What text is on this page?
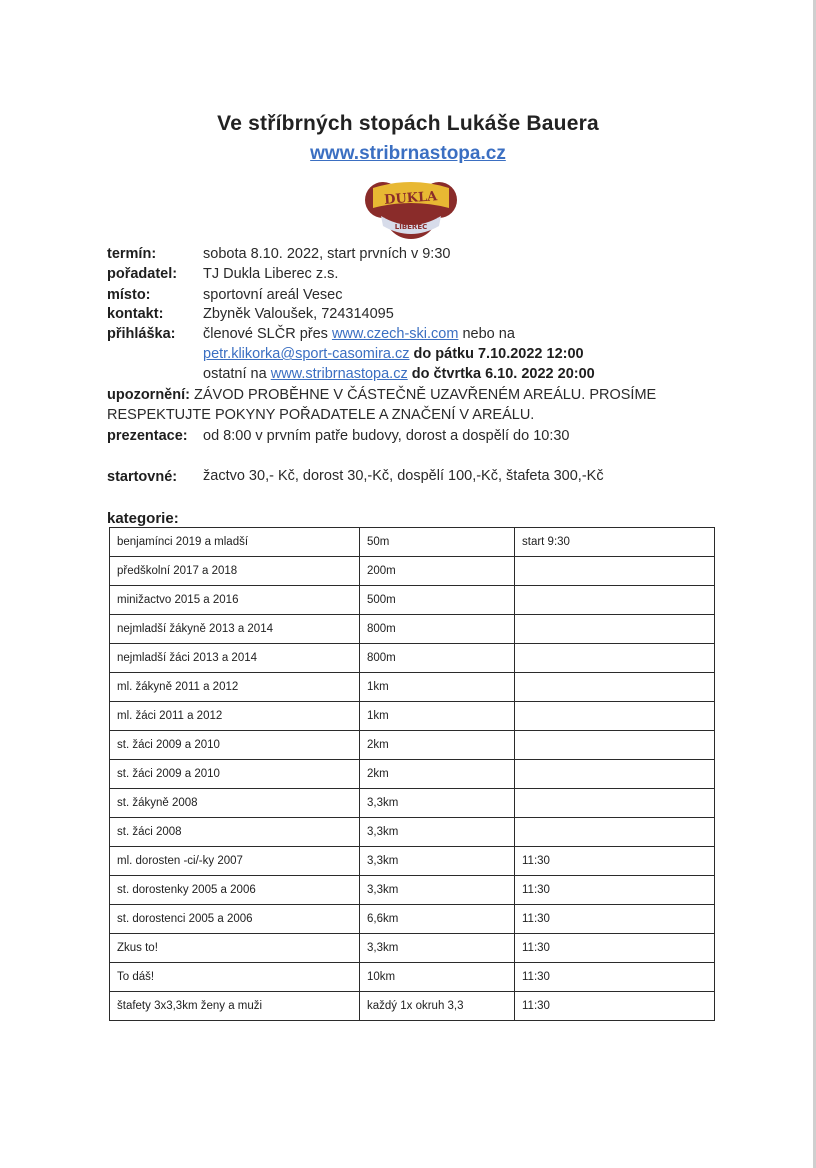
Ve stříbrných stopách Lukáše Bauera
www.stribrnastopa.cz
DUKLA
LIBEREC
termín:	sobota 8.10. 2022, start prvních v 9:30
pořadatel: TJ Dukla Liberec z.s.
místo:	sportovní areál Vesec
kontakt:	Zbyněk Valoušek, 724314095
přihláška: členové SLČR přes www.czech-ski.com nebo na
petr.klikorka@sport-casomira.cz do pátku 7.10.2022 12:00
ostatní na www.stribrnastopa.cz do čtvrtka 6.10. 2022 20:00
upozornění: ZÁVOD PROBĚHNE V ČÁSTEČNĚ UZAVŘENÉM AREÁLU. PROSÍME
RESPEKTUJTE POKYNY POŘADATELE A ZNAČENÍ V AREÁLU.
prezentace: od 8:00 v prvním patře budovy, dorost a dospělí do 10:30
startovné: žactvo 30,- Kč, dorost 30,-Kč, dospělí 100,-Kč, štafeta 300,-Kč
kategorie:
benjamínci 2019 a mladší	50m	start 9:30
předškolní 2017 a 2018	200m	
minižactvo 2015 a 2016	500m	
nejmladší žákyně 2013 a 2014	800m	
nejmladší žáci 2013 a 2014	800m	
ml. žákyně 2011 a 2012	1km	
ml. žáci 2011 a 2012	1km	
st. žáci 2009 a 2010	2km	
st. žáci 2009 a 2010	2km	
st. žákyně 2008	3,3km	
st. žáci 2008	3,3km	
ml. dorosten -ci/-ky 2007	3,3km	11:30
st. dorostenky 2005 a 2006	3,3km	11:30
st. dorostenci 2005 a 2006	6,6km	11:30
Zkus to!	3,3km	11:30
To dáš!	10km	11:30
štafety 3x3,3km ženy a muži	každý 1x okruh 3,3	11:30
